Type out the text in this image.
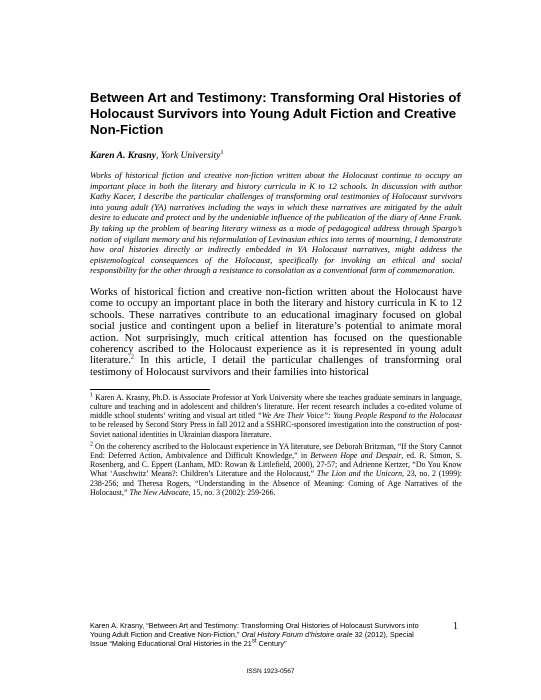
Between Art and Testimony: Transforming Oral Histories of Holocaust Survivors into Young Adult Fiction and Creative Non-Fiction
Karen A. Krasny, York University$^1$

Works of historical fiction and creative non-fiction written about the Holocaust continue to occupy an important place in both the literary and history curricula in K to 12 schools. In discussion with author Kathy Kacer, I describe the particular challenges of transforming oral testimonies of Holocaust survivors into young adult (YA) narratives including the ways in which these narratives are mitigated by the adult desire to educate and protect and by the undeniable influence of the publication of the diary of Anne Frank. By taking up the problem of bearing literary witness as a mode of pedagogical address through Spargo’s notion of vigilant memory and his reformulation of Levinasian ethics into terms of mourning, I demonstrate how oral histories directly or indirectly embedded in YA Holocaust narratives, might address the epistemological consequences of the Holocaust, specifically for invoking an ethical and social responsibility for the other through a resistance to consolation as a conventional form of commemoration.

Works of historical fiction and creative non-fiction written about the Holocaust have come to occupy an important place in both the literary and history curricula in K to 12 schools. These narratives contribute to an educational imaginary focused on global social justice and contingent upon a belief in literature’s potential to animate moral action. Not surprisingly, much critical attention has focused on the questionable coherency ascribed to the Holocaust experience as it is represented in young adult literature.$^2$ In this article, I detail the particular challenges of transforming oral testimony of Holocaust survivors and their families into historical

$^1$ Karen A. Krasny, Ph.D. is Associate Professor at York University where she teaches graduate seminars in language, culture and teaching and in adolescent and children’s literature. Her recent research includes a co-edited volume of middle school students’ writing and visual art titled “We Are Their Voice”: Young People Respond to the Holocaust to be released by Second Story Press in fall 2012 and a SSHRC-sponsored investigation into the construction of post-Soviet national identities in Ukrainian diaspora literature.
$^2$ On the coherency ascribed to the Holocaust experience in YA literature, see Deborah Britzman, “If the Story Cannot End: Deferred Action, Ambivalence and Difficult Knowledge,” in Between Hope and Despair, ed. R. Simon, S. Rosenberg, and C. Eppert (Lanham, MD: Rowan & Littlefield, 2000), 27-57; and Adrienne Kertzer, “Do You Know What ‘Auschwitz’ Means?: Children’s Literature and the Holocaust,” The Lion and the Unicorn, 23, no. 2 (1999): 238-256; and Theresa Rogers, “Understanding in the Absence of Meaning: Coming of Age Narratives of the Holocaust,” The New Advocate, 15, no. 3 (2002): 259-266.
Karen A. Krasny, “Between Art and Testimony: Transforming Oral Histories of Holocaust Survivors into Young Adult Fiction and Creative Non-Fiction,” Oral History Forum d’histoire orale 32 (2012), Special Issue “Making Educational Oral Histories in the 21st Century”
1
ISSN 1923-0567
